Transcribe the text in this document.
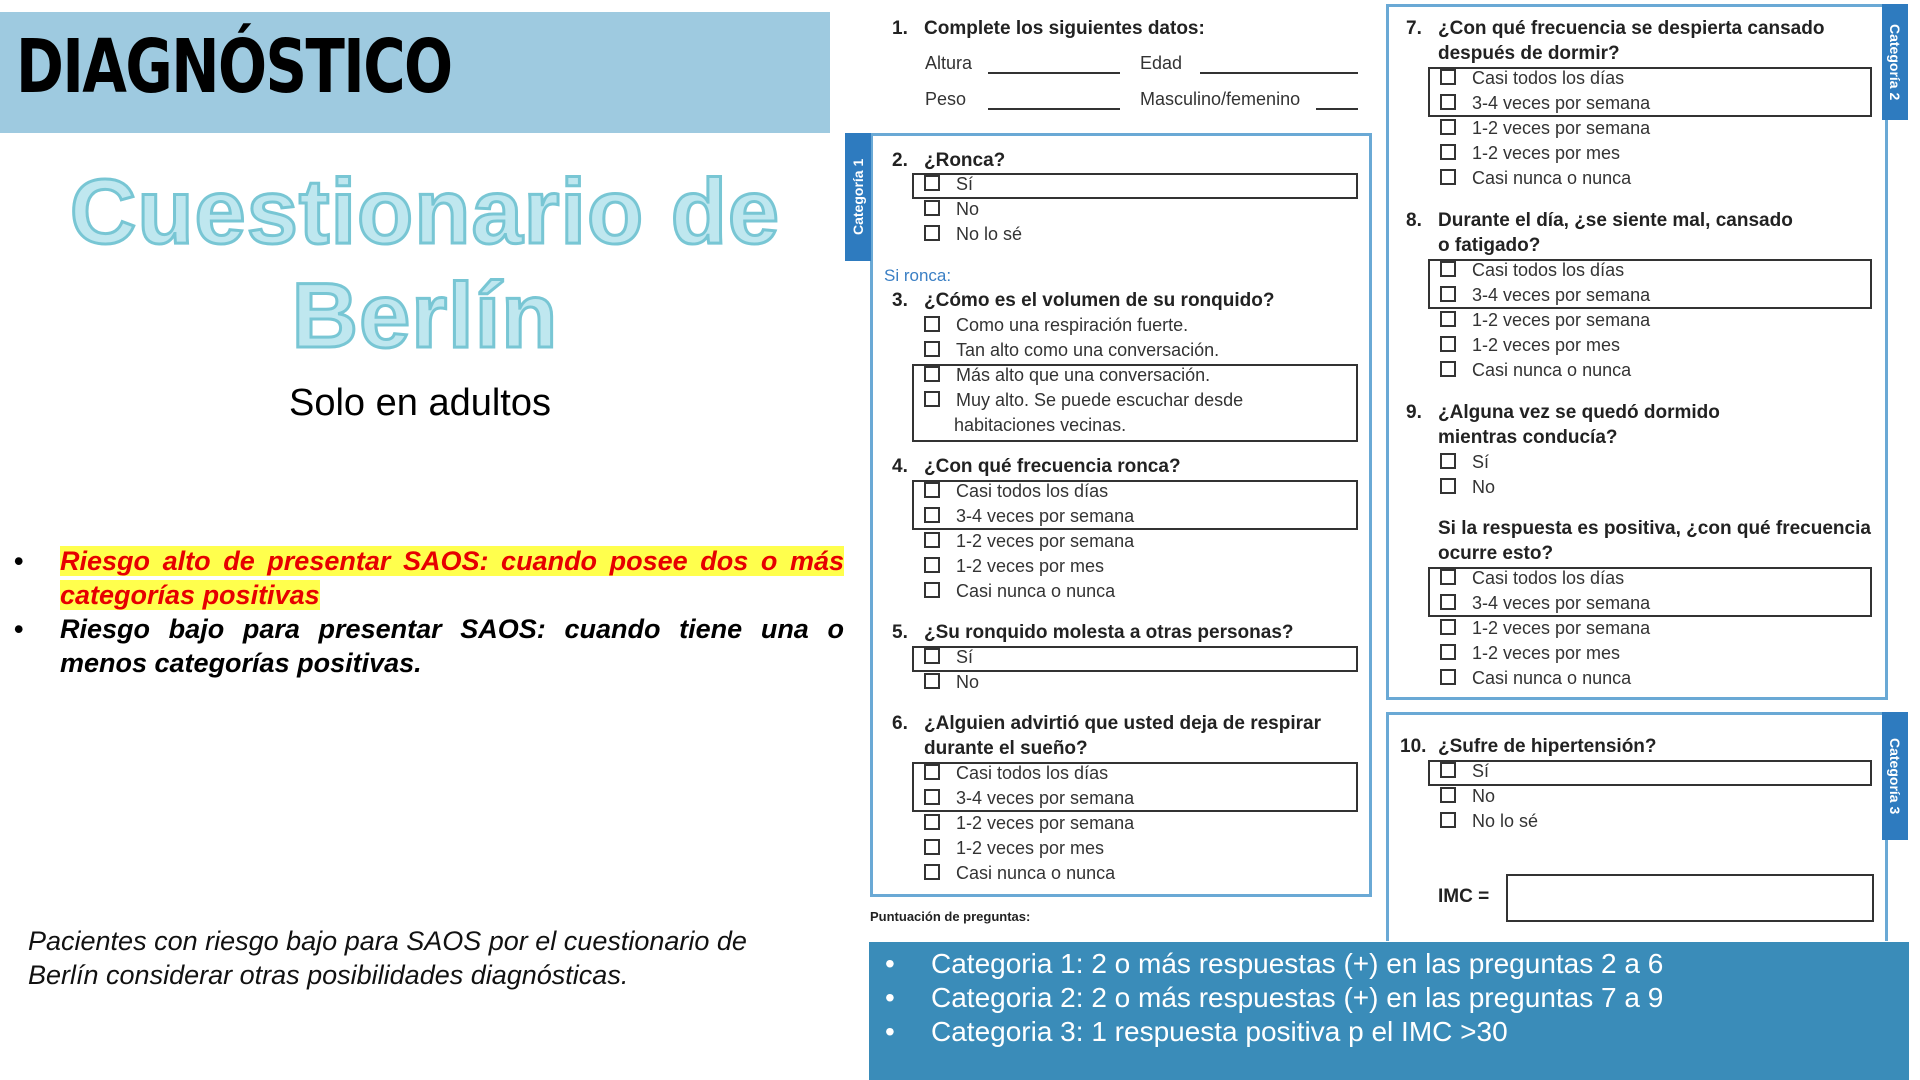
DIAGNÓSTICO
Cuestionario de
Berlín
Solo en adultos
• Riesgo alto de presentar SAOS: cuando posee dos o más categorías positivas
• Riesgo bajo para presentar SAOS: cuando tiene una o menos categorías positivas.
Pacientes con riesgo bajo para SAOS por el cuestionario de Berlín considerar otras posibilidades diagnósticas.
1. Complete los siguientes datos:
Altura	Edad
Peso	Masculino/femenino
Categoría 1 2. ¿Ronca?
Sí
No
No lo sé
Si ronca:
3. ¿Cómo es el volumen de su ronquido?
Como una respiración fuerte.
Tan alto como una conversación.
Más alto que una conversación.
Muy alto. Se puede escuchar desde
habitaciones vecinas.
4. ¿Con qué frecuencia ronca?
Casi todos los días
3-4 veces por semana
1-2 veces por semana
1-2 veces por mes
Casi nunca o nunca
5. ¿Su ronquido molesta a otras personas?
Sí
No
6. ¿Alguien advirtió que usted deja de respirar
durante el sueño?
Casi todos los días
3-4 veces por semana
1-2 veces por semana
1-2 veces por mes
Casi nunca o nunca
Puntuación de preguntas:
Categoría 2
7. ¿Con qué frecuencia se despierta cansado
después de dormir?
Casi todos los días
3-4 veces por semana
1-2 veces por semana
1-2 veces por mes
Casi nunca o nunca
8. Durante el día, ¿se siente mal, cansado
o fatigado?
Casi todos los días
3-4 veces por semana
1-2 veces por semana
1-2 veces por mes
Casi nunca o nunca
9. ¿Alguna vez se quedó dormido
mientras conducía?
Sí
No
Si la respuesta es positiva, ¿con qué frecuencia
ocurre esto?
Casi todos los días
3-4 veces por semana
1-2 veces por semana
1-2 veces por mes
Casi nunca o nunca
Categoría 3
10. ¿Sufre de hipertensión?
Sí
No
No lo sé
IMC =
• Categoria 1: 2 o más respuestas (+) en las preguntas 2 a 6
• Categoria 2: 2 o más respuestas (+) en las preguntas 7 a 9
• Categoria 3: 1 respuesta positiva p el IMC >30
